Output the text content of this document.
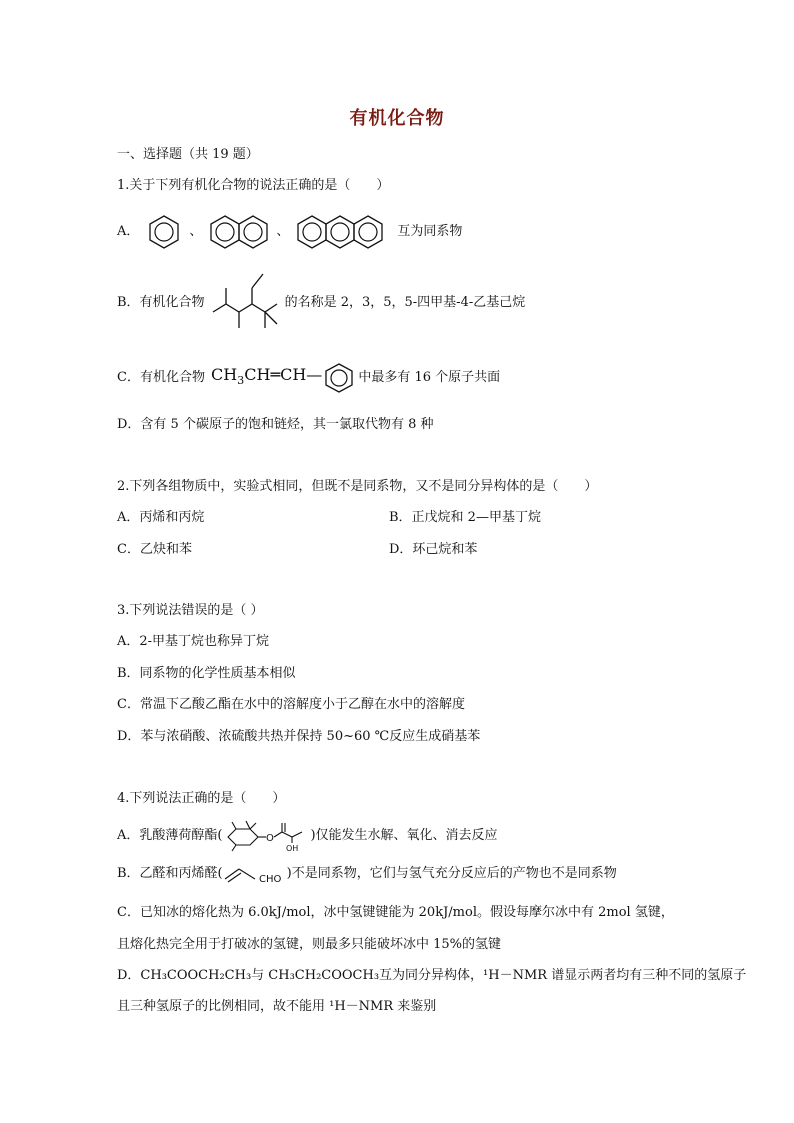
有机化合物
一、选择题（共 19 题）
1.关于下列有机化合物的说法正确的是（　　）
A．	、	、	互为同系物
B．有机化合物	的名称是 2，3，5，5-四甲基-4-乙基己烷
C．有机化合物 $CH_3CH═CH—$	中最多有 16 个原子共面
D．含有 5 个碳原子的饱和链烃，其一氯取代物有 8 种
2.下列各组物质中，实验式相同，但既不是同系物，又不是同分异构体的是（　　）
A．丙烯和丙烷	B．正戊烷和 2—甲基丁烷
C．乙炔和苯	D．环己烷和苯
3.下列说法错误的是（ ）
A．2-甲基丁烷也称异丁烷
B．同系物的化学性质基本相似
C．常温下乙酸乙酯在水中的溶解度小于乙醇在水中的溶解度
D．苯与浓硝酸、浓硫酸共热并保持 50~60 ℃反应生成硝基苯
4.下列说法正确的是（　　）
A．乳酸薄荷醇酯(	O
OH
)仅能发生水解、氧化、消去反应
B．乙醛和丙烯醛(	CHO )不是同系物，它们与氢气充分反应后的产物也不是同系物
C．已知冰的熔化热为 6.0kJ/mol，冰中氢键键能为 20kJ/mol。假设每摩尔冰中有 2mol 氢键，
且熔化热完全用于打破冰的氢键，则最多只能破坏冰中 15%的氢键
D．CH₃COOCH₂CH₃与 CH₃CH₂COOCH₃互为同分异构体，¹H－NMR 谱显示两者均有三种不同的氢原子
且三种氢原子的比例相同，故不能用 ¹H－NMR 来鉴别
